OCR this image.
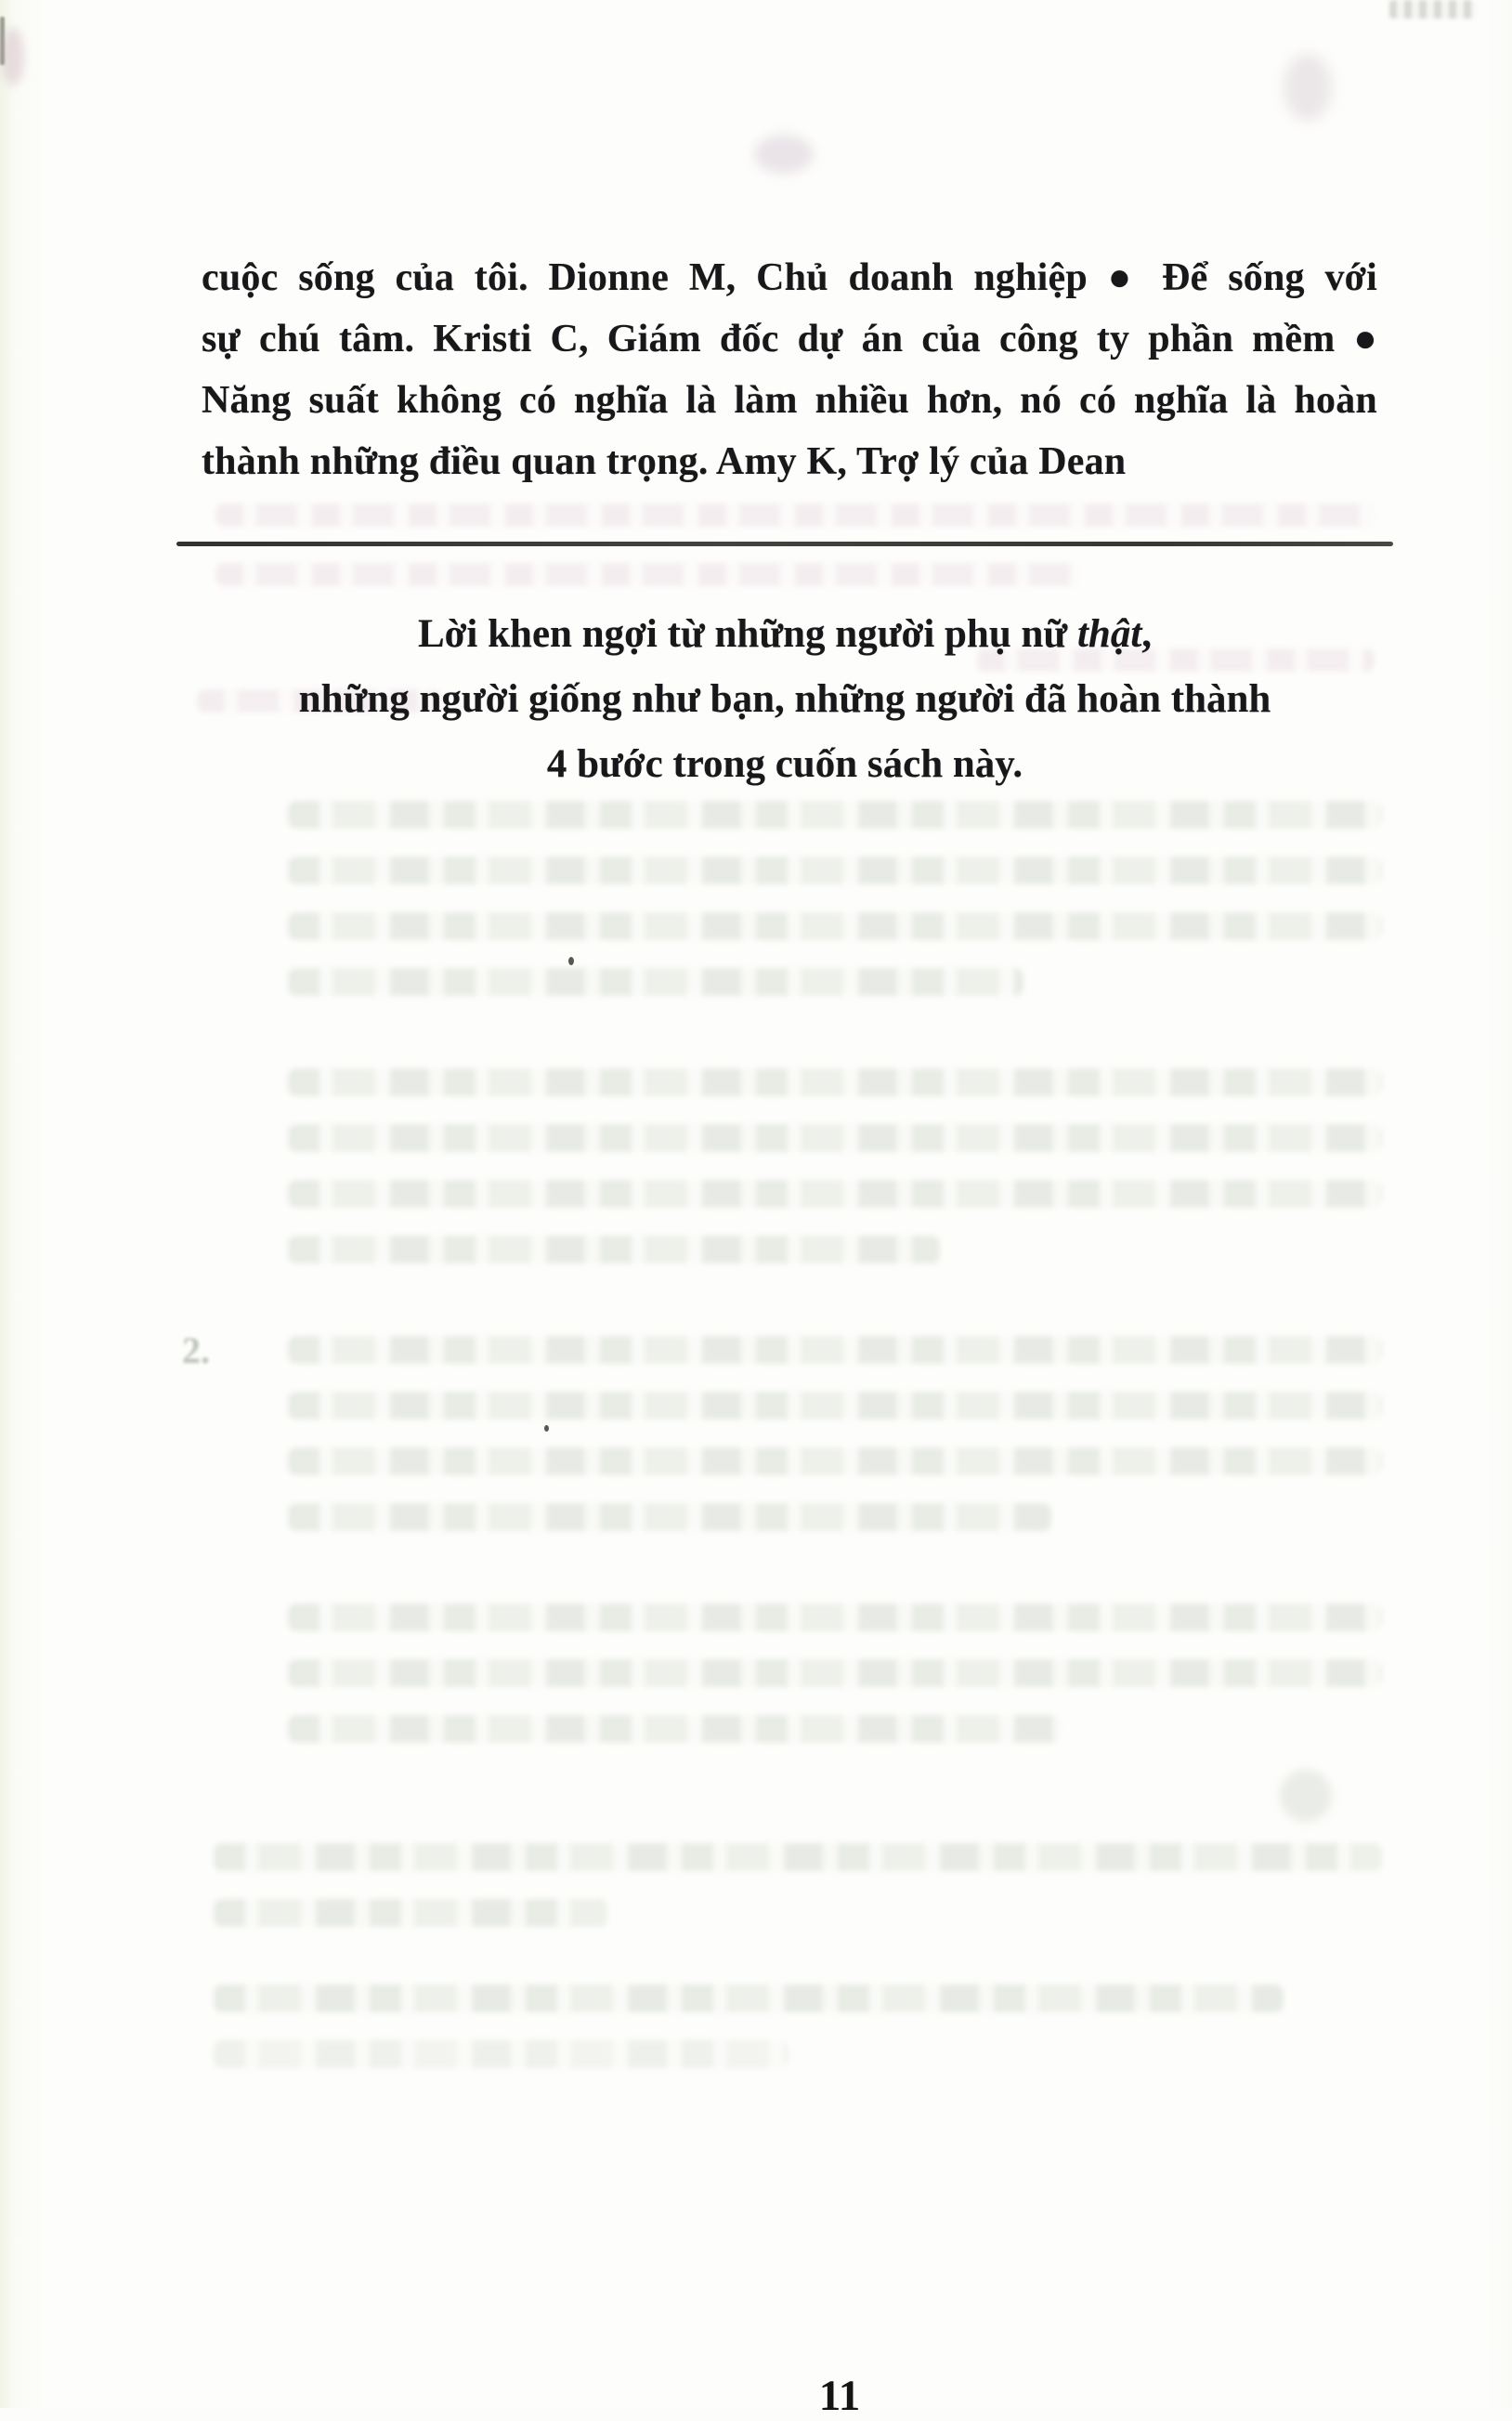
cuộc sống của tôi. Dionne M, Chủ doanh nghiệp ● Để sống với
sự chú tâm. Kristi C, Giám đốc dự án của công ty phần mềm ●
Năng suất không có nghĩa là làm nhiều hơn, nó có nghĩa là hoàn
thành những điều quan trọng. Amy K, Trợ lý của Dean
Lời khen ngợi từ những người phụ nữ thật,
những người giống như bạn, những người đã hoàn thành
4 bước trong cuốn sách này.
2.
11
